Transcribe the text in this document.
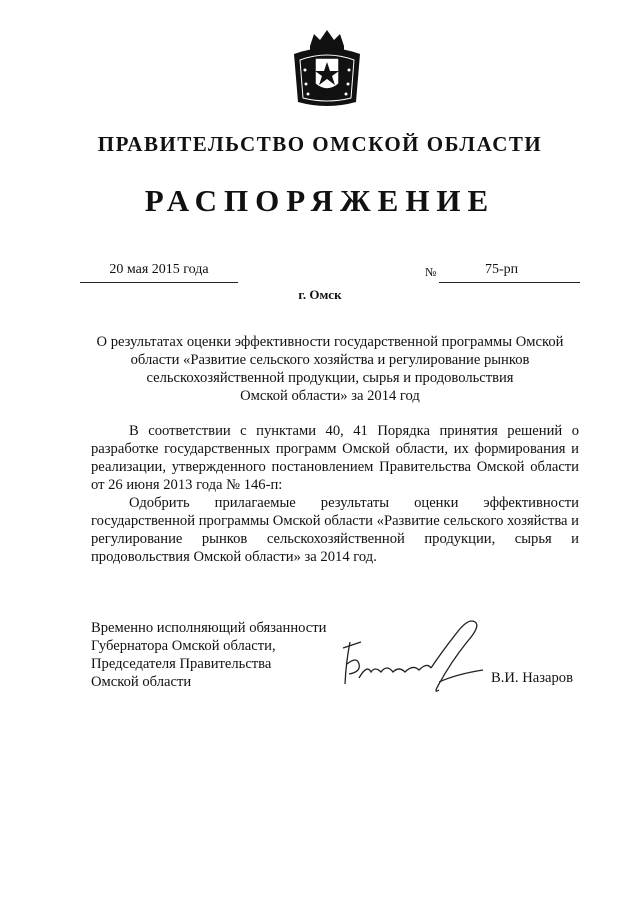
ПРАВИТЕЛЬСТВО ОМСКОЙ ОБЛАСТИ
РАСПОРЯЖЕНИЕ
20 мая 2015 года	№	75-рп
г. Омск
О результатах оценки эффективности государственной программы Омской
области «Развитие сельского хозяйства и регулирование рынков
сельскохозяйственной продукции, сырья и продовольствия
Омской области» за 2014 год

В соответствии с пунктами 40, 41 Порядка принятия решений о разработке государственных программ Омской области, их формирования и реализации, утвержденного постановлением Правительства Омской области от 26 июня 2013 года № 146-п:

Одобрить прилагаемые результаты оценки эффективности государственной программы Омской области «Развитие сельского хозяйства и регулирование рынков сельскохозяйственной продукции, сырья и продовольствия Омской области» за 2014 год.

Временно исполняющий обязанности
Губернатора Омской области,
Председателя Правительства
Омской области	В.И. Назаров
